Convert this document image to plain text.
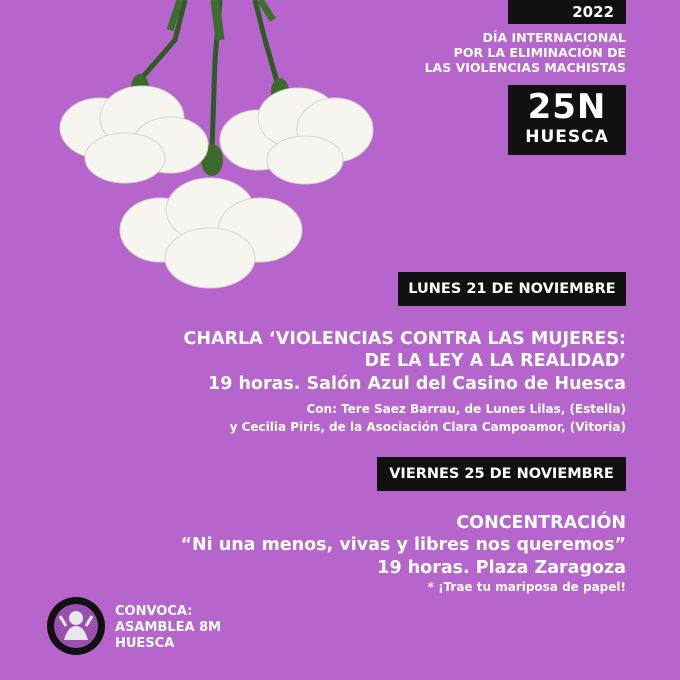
2022
DÍA INTERNACIONAL
POR LA ELIMINACIÓN DE
LAS VIOLENCIAS MACHISTAS
25N
HUESCA
LUNES 21 DE NOVIEMBRE
CHARLA ‘VIOLENCIAS CONTRA LAS MUJERES:
DE LA LEY A LA REALIDAD’
19 horas. Salón Azul del Casino de Huesca
Con: Tere Saez Barrau, de Lunes Lilas, (Estella)
y Cecilia Piris, de la Asociación Clara Campoamor, (Vitoria)
VIERNES 25 DE NOVIEMBRE
CONCENTRACIÓN
“Ni una menos, vivas y libres nos queremos”
19 horas. Plaza Zaragoza
* ¡Trae tu mariposa de papel!
CONVOCA:
ASAMBLEA 8M
HUESCA
